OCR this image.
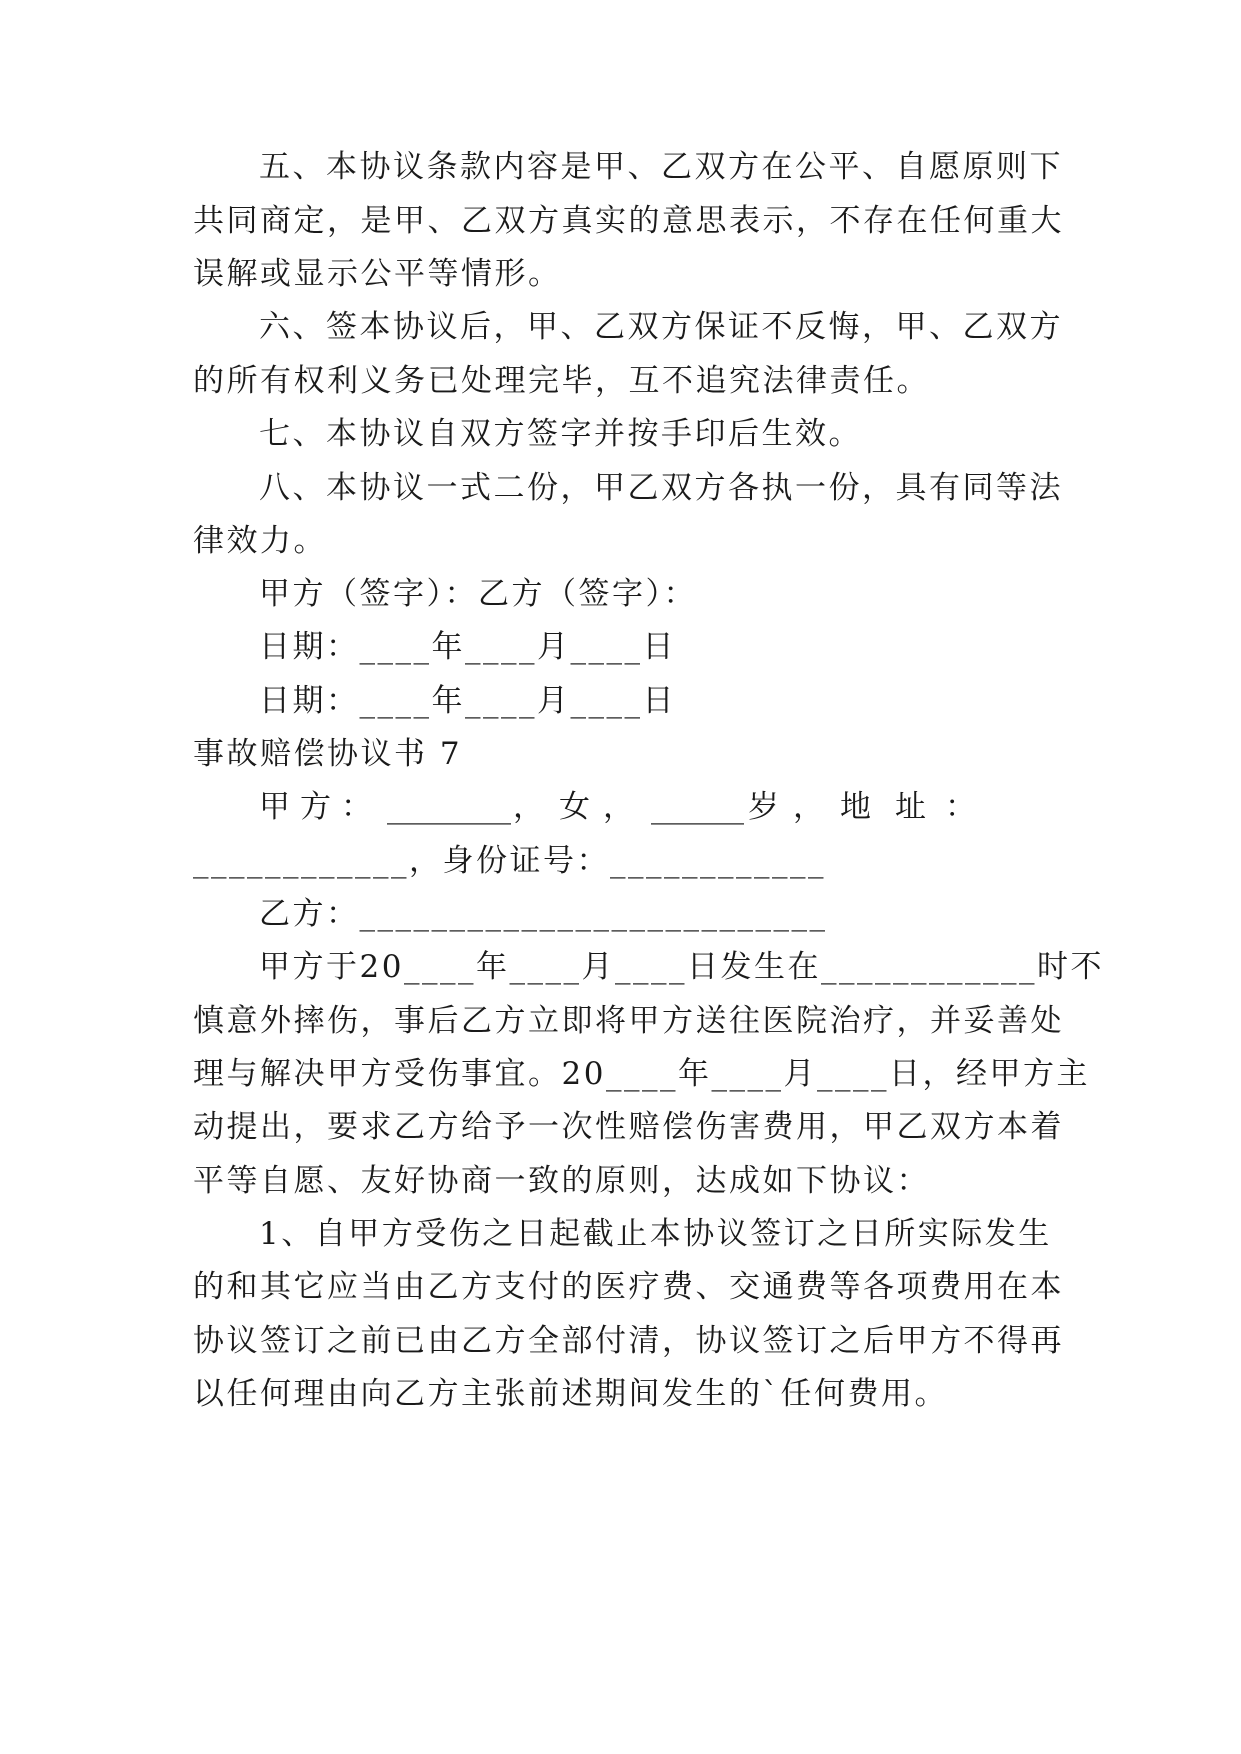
五、本协议条款内容是甲、乙双方在公平、自愿原则下
共同商定，是甲、乙双方真实的意思表示，不存在任何重大
误解或显示公平等情形。
六、签本协议后，甲、乙双方保证不反悔，甲、乙双方
的所有权利义务已处理完毕，互不追究法律责任。
七、本协议自双方签字并按手印后生效。
八、本协议一式二份，甲乙双方各执一份，具有同等法
律效力。
甲方（签字）：乙方（签字）：
日期：____年____月____日
日期：____年____月____日
事故赔偿协议书 7
甲 方 ： ________ ， 女 ， ______ 岁 ， 地 址 ：
____________，身份证号：____________
乙方：__________________________
甲方于20____年____月____日发生在____________时不
慎意外摔伤，事后乙方立即将甲方送往医院治疗，并妥善处
理与解决甲方受伤事宜。20____年____月____日，经甲方主
动提出，要求乙方给予一次性赔偿伤害费用，甲乙双方本着
平等自愿、友好协商一致的原则，达成如下协议：
1、自甲方受伤之日起截止本协议签订之日所实际发生
的和其它应当由乙方支付的医疗费、交通费等各项费用在本
协议签订之前已由乙方全部付清，协议签订之后甲方不得再
以任何理由向乙方主张前述期间发生的`任何费用。
